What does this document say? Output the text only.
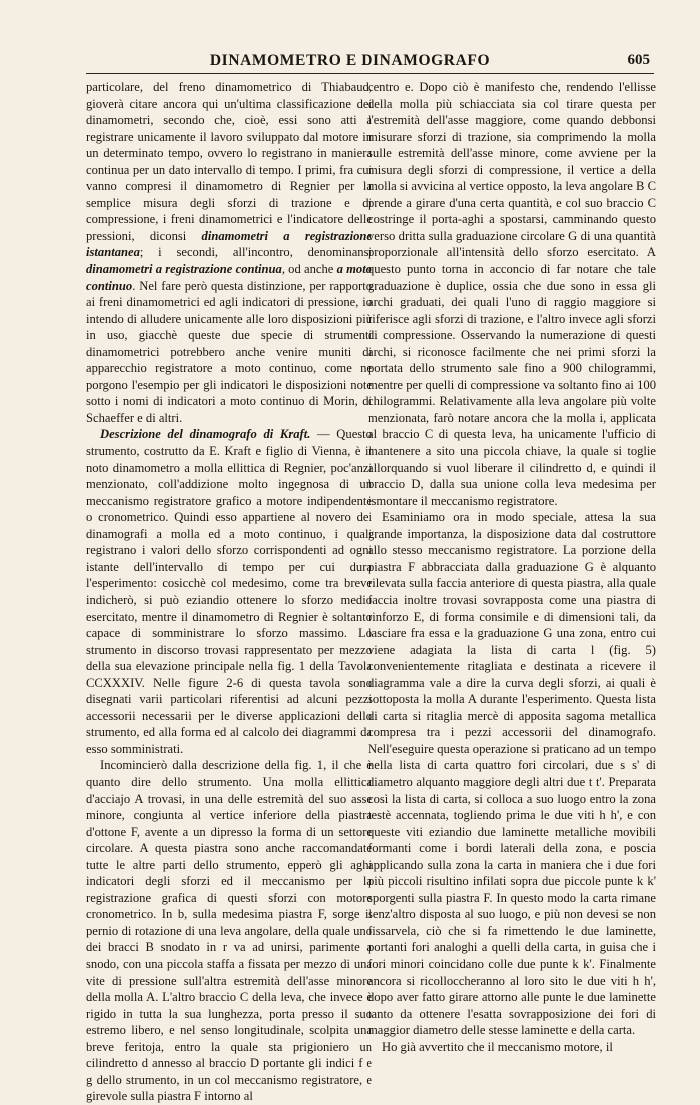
DINAMOMETRO E DINAMOGRAFO	605

particolare, del freno dinamometrico di Thiabaud, gioverà citare ancora qui un'ultima classificazione dei dinamometri, secondo che, cioè, essi sono atti a registrare unicamente il lavoro sviluppato dal motore in un determinato tempo, ovvero lo registrano in maniera continua per un dato intervallo di tempo. I primi, fra cui vanno compresi il dinamometro di Regnier per la semplice misura degli sforzi di trazione e di compressione, i freni dinamometrici e l'indicatore delle pressioni, diconsi dinamometri a registrazione istantanea; i secondi, all'incontro, denominansi dinamometri a registrazione continua, od anche a moto continuo. Nel fare però questa distinzione, per rapporto ai freni dinamometrici ed agli indicatori di pressione, io intendo di alludere unicamente alle loro disposizioni più in uso, giacchè queste due specie di strumenti dinamometrici potrebbero anche venire muniti di apparecchio registratore a moto continuo, come ne porgono l'esempio per gli indicatori le disposizioni note sotto i nomi di indicatori a moto continuo di Morin, di Schaeffer e di altri.

Descrizione del dinamografo di Kraft. — Questo strumento, costrutto da E. Kraft e figlio di Vienna, è il noto dinamometro a molla ellittica di Regnier, poc'anzi menzionato, coll'addizione molto ingegnosa di un meccanismo registratore grafico a motore indipendente o cronometrico. Quindi esso appartiene al novero dei dinamografi a molla ed a moto continuo, i quali registrano i valori dello sforzo corrispondenti ad ogni istante dell'intervallo di tempo per cui dura l'esperimento: cosicchè col medesimo, come tra breve indicherò, si può eziandio ottenere lo sforzo medio esercitato, mentre il dinamometro di Regnier è soltanto capace di somministrare lo sforzo massimo. Lo strumento in discorso trovasi rappresentato per mezzo della sua elevazione principale nella fig. 1 della Tavola CCXXXIV. Nelle figure 2-6 di questa tavola sono disegnati varii particolari riferentisi ad alcuni pezzi accessorii necessarii per le diverse applicazioni dello strumento, ed alla forma ed al calcolo dei diagrammi da esso somministrati.

Incomincierò dalla descrizione della fig. 1, il che è quanto dire dello strumento. Una molla ellittica d'acciajo A trovasi, in una delle estremità del suo asse minore, congiunta al vertice inferiore della piastra d'ottone F, avente a un dipresso la forma di un settore circolare. A questa piastra sono anche raccomandate tutte le altre parti dello strumento, epperò gli aghi indicatori degli sforzi ed il meccanismo per la registrazione grafica di questi sforzi con motore cronometrico. In b, sulla medesima piastra F, sorge il pernio di rotazione di una leva angolare, della quale uno dei bracci B snodato in r va ad unirsi, parimente a snodo, con una piccola staffa a fissata per mezzo di una vite di pressione sull'altra estremità dell'asse minore della molla A. L'altro braccio C della leva, che invece è rigido in tutta la sua lunghezza, porta presso il suo estremo libero, e nel senso longitudinale, scolpita una breve feritoja, entro la quale sta prigioniero un cilindretto d annesso al braccio D portante gli indici f e g dello strumento, in un col meccanismo registratore, e girevole sulla piastra F intorno al

centro e. Dopo ciò è manifesto che, rendendo l'ellisse della molla più schiacciata sia col tirare questa per l'estremità dell'asse maggiore, come quando debbonsi misurare sforzi di trazione, sia comprimendo la molla sulle estremità dell'asse minore, come avviene per la misura degli sforzi di compressione, il vertice a della molla si avvicina al vertice opposto, la leva angolare B C prende a girare d'una certa quantità, e col suo braccio C costringe il porta-aghi a spostarsi, camminando questo verso dritta sulla graduazione circolare G di una quantità proporzionale all'intensità dello sforzo esercitato. A questo punto torna in acconcio di far notare che tale graduazione è duplice, ossia che due sono in essa gli archi graduati, dei quali l'uno di raggio maggiore si riferisce agli sforzi di trazione, e l'altro invece agli sforzi di compressione. Osservando la numerazione di questi archi, si riconosce facilmente che nei primi sforzi la portata dello strumento sale fino a 900 chilogrammi, mentre per quelli di compressione va soltanto fino ai 100 chilogrammi. Relativamente alla leva angolare più volte menzionata, farò notare ancora che la molla i, applicata al braccio C di questa leva, ha unicamente l'ufficio di mantenere a sito una piccola chiave, la quale si toglie allorquando si vuol liberare il cilindretto d, e quindi il braccio D, dalla sua unione colla leva medesima per ismontare il meccanismo registratore.

Esaminiamo ora in modo speciale, attesa la sua grande importanza, la disposizione data dal costruttore allo stesso meccanismo registratore. La porzione della piastra F abbracciata dalla graduazione G è alquanto rilevata sulla faccia anteriore di questa piastra, alla quale faccia inoltre trovasi sovrapposta come una piastra di rinforzo E, di forma consimile e di dimensioni tali, da lasciare fra essa e la graduazione G una zona, entro cui viene adagiata la lista di carta l (fig. 5) convenientemente ritagliata e destinata a ricevere il diagramma vale a dire la curva degli sforzi, ai quali è sottoposta la molla A durante l'esperimento. Questa lista di carta si ritaglia mercè di apposita sagoma metallica compresa tra i pezzi accessorii del dinamografo. Nell'eseguire questa operazione si praticano ad un tempo nella lista di carta quattro fori circolari, due s s' di diametro alquanto maggiore degli altri due t t'. Preparata così la lista di carta, si colloca a suo luogo entro la zona testè accennata, togliendo prima le due viti h h', e con queste viti eziandio due laminette metalliche movibili formanti come i bordi laterali della zona, e poscia applicando sulla zona la carta in maniera che i due fori più piccoli risultino infilati sopra due piccole punte k k' sporgenti sulla piastra F. In questo modo la carta rimane senz'altro disposta al suo luogo, e più non devesi se non fissarvela, ciò che si fa rimettendo le due laminette, portanti fori analoghi a quelli della carta, in guisa che i fori minori coincidano colle due punte k k'. Finalmente ancora si ricolloccheranno al loro sito le due viti h h', dopo aver fatto girare attorno alle punte le due laminette tanto da ottenere l'esatta sovrapposizione dei fori di maggior diametro delle stesse laminette e della carta.

Ho già avvertito che il meccanismo motore, il
